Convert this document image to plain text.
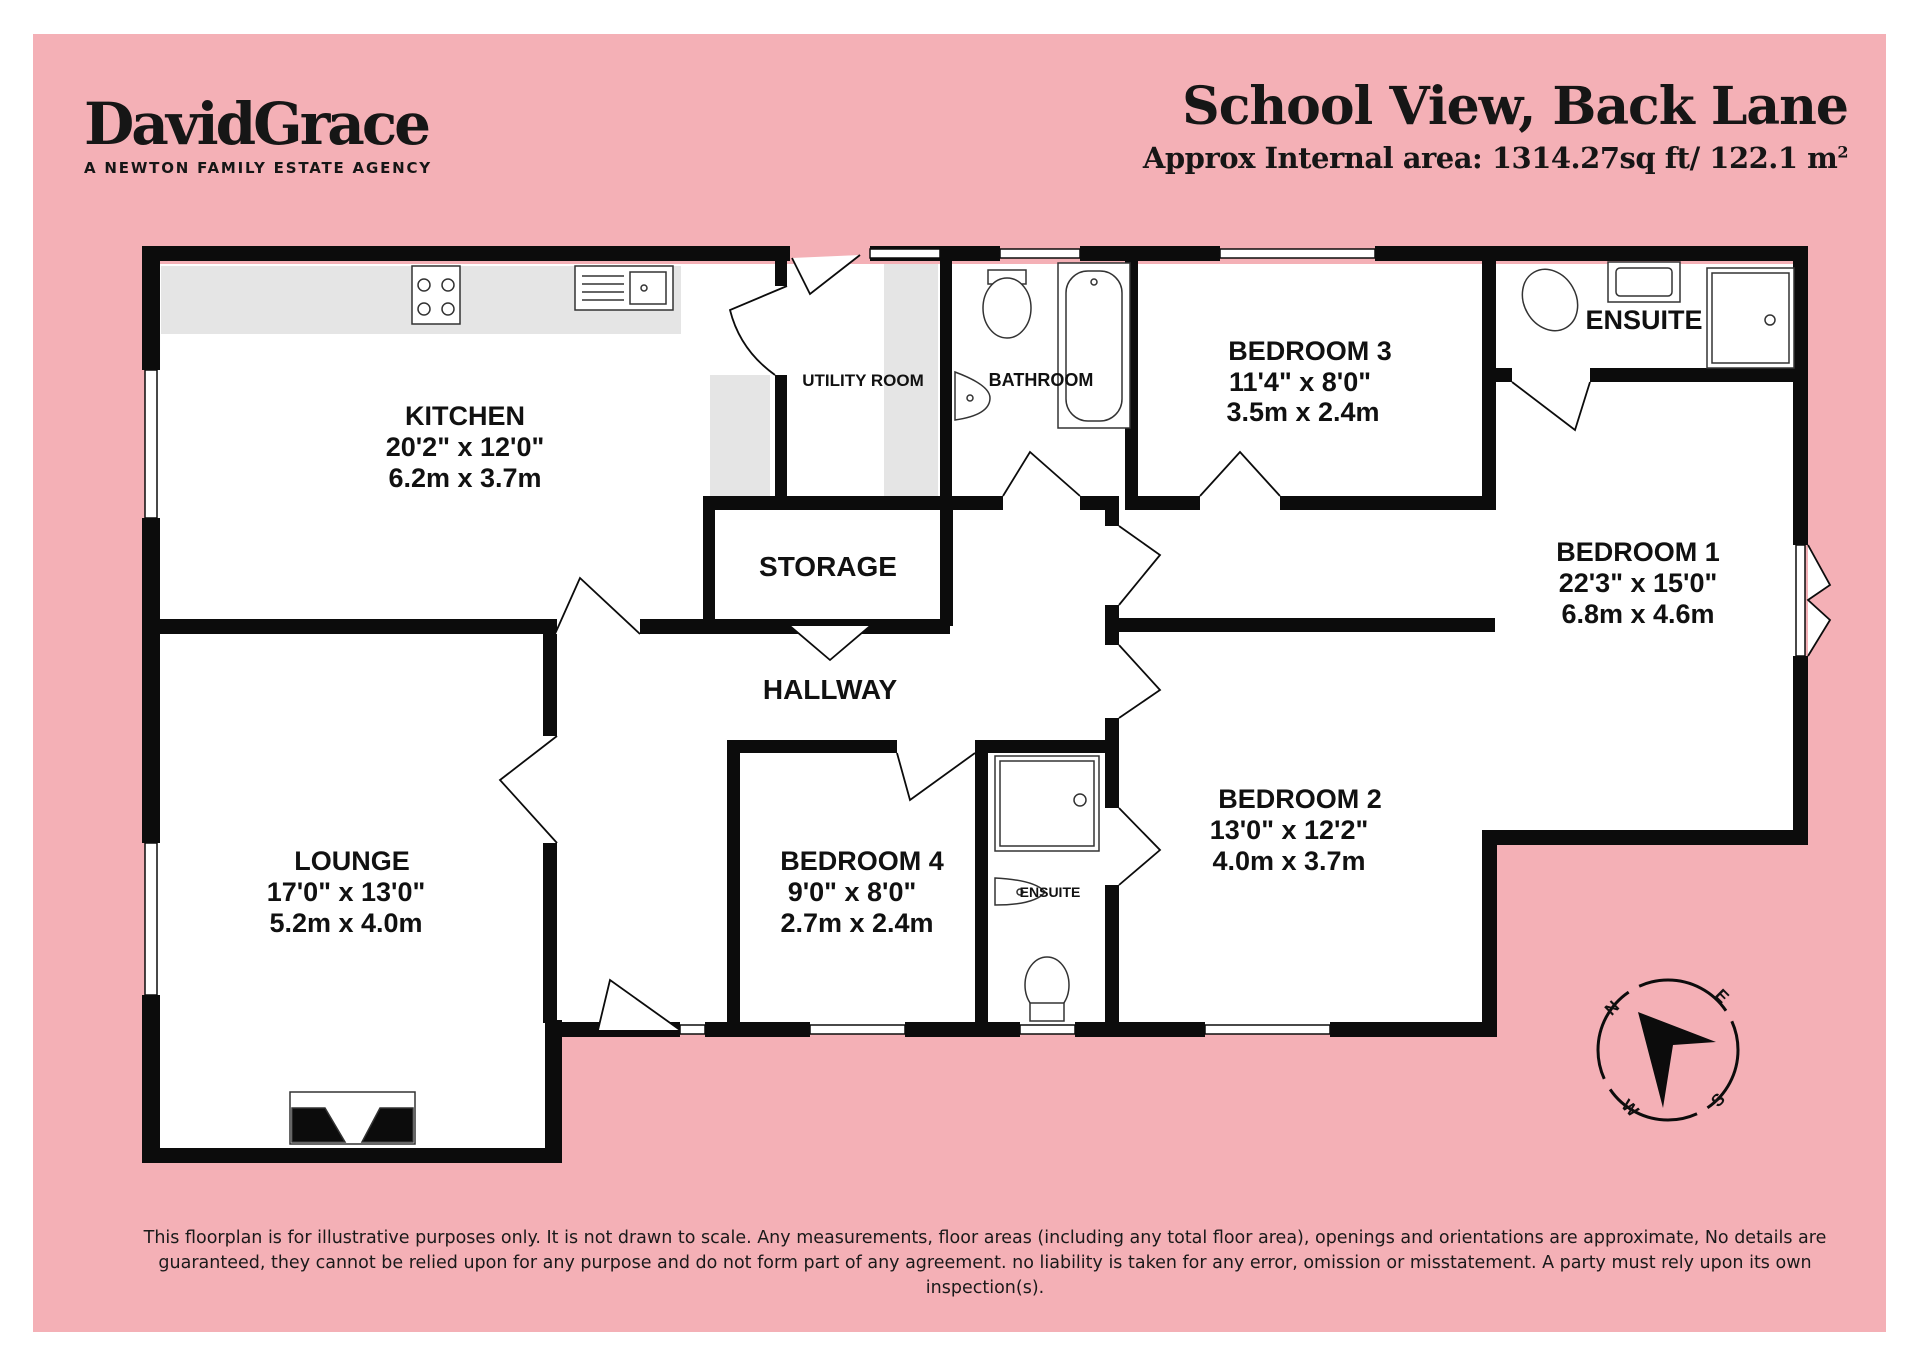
DavidGrace
A NEWTON FAMILY ESTATE AGENCY
School View, Back Lane
Approx Internal area: 1314.27sq ft/ 122.1 $m^2$
KITCHEN
20'2" x 12'0"
6.2m x 3.7m
UTILITY ROOM	BATHROOM
BEDROOM 3
11'4" x 8'0"
3.5m x 2.4m
ENSUITE
BEDROOM 1
22'3" x 15'0"
6.8m x 4.6m
STORAGE
HALLWAY
LOUNGE
17'0" x 13'0"
5.2m x 4.0m
BEDROOM 4
9'0" x 8'0"
2.7m x 2.4m
ENSUITE
BEDROOM 2
13'0" x 12'2"
4.0m x 3.7m
N
E
S
W
This floorplan is for illustrative purposes only. It is not drawn to scale. Any measurements, floor areas (including any total floor area), openings and orientations are approximate, No details are guaranteed, they cannot be relied upon for any purpose and do not form part of any agreement. no liability is taken for any error, omission or misstatement. A party must rely upon its own inspection(s).
